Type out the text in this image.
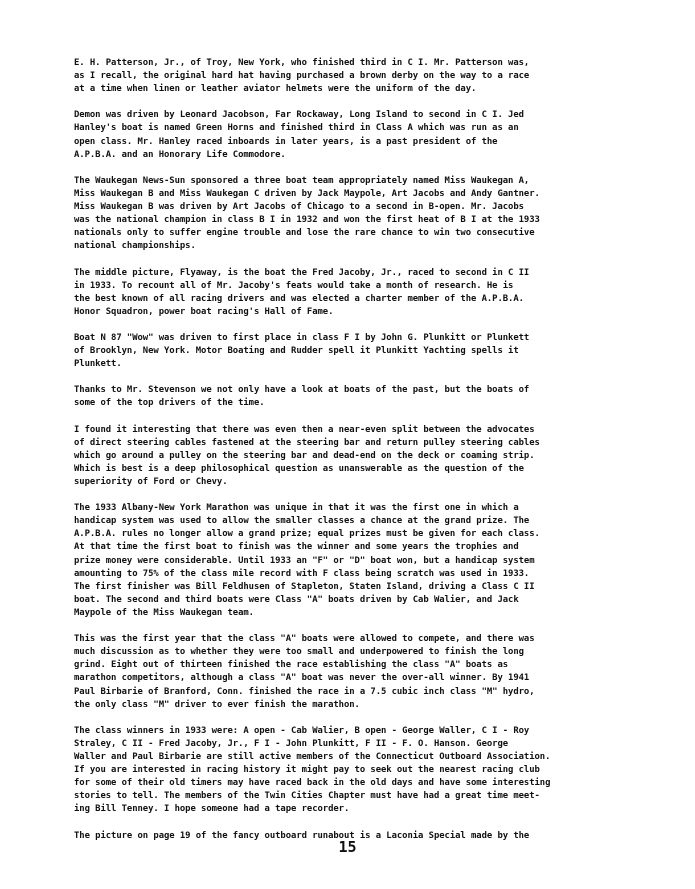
E. H. Patterson, Jr., of Troy, New York, who finished third in C I. Mr. Patterson was,
as I recall, the original hard hat having purchased a brown derby on the way to a race
at a time when linen or leather aviator helmets were the uniform of the day.
Demon was driven by Leonard Jacobson, Far Rockaway, Long Island to second in C I. Jed
Hanley's boat is named Green Horns and finished third in Class A which was run as an
open class. Mr. Hanley raced inboards in later years, is a past president of the
A.P.B.A. and an Honorary Life Commodore.
The Waukegan News-Sun sponsored a three boat team appropriately named Miss Waukegan A,
Miss Waukegan B and Miss Waukegan C driven by Jack Maypole, Art Jacobs and Andy Gantner.
Miss Waukegan B was driven by Art Jacobs of Chicago to a second in B-open. Mr. Jacobs
was the national champion in class B I in 1932 and won the first heat of B I at the 1933
nationals only to suffer engine trouble and lose the rare chance to win two consecutive
national championships.
The middle picture, Flyaway, is the boat the Fred Jacoby, Jr., raced to second in C II
in 1933. To recount all of Mr. Jacoby's feats would take a month of research. He is
the best known of all racing drivers and was elected a charter member of the A.P.B.A.
Honor Squadron, power boat racing's Hall of Fame.
Boat N 87 "Wow" was driven to first place in class F I by John G. Plunkitt or Plunkett
of Brooklyn, New York. Motor Boating and Rudder spell it Plunkitt Yachting spells it
Plunkett.
Thanks to Mr. Stevenson we not only have a look at boats of the past, but the boats of
some of the top drivers of the time.
I found it interesting that there was even then a near-even split between the advocates
of direct steering cables fastened at the steering bar and return pulley steering cables
which go around a pulley on the steering bar and dead-end on the deck or coaming strip.
Which is best is a deep philosophical question as unanswerable as the question of the
superiority of Ford or Chevy.
The 1933 Albany-New York Marathon was unique in that it was the first one in which a
handicap system was used to allow the smaller classes a chance at the grand prize. The
A.P.B.A. rules no longer allow a grand prize; equal prizes must be given for each class.
At that time the first boat to finish was the winner and some years the trophies and
prize money were considerable. Until 1933 an "F" or "D" boat won, but a handicap system
amounting to 75% of the class mile record with F class being scratch was used in 1933.
The first finisher was Bill Feldhusen of Stapleton, Staten Island, driving a Class C II
boat. The second and third boats were Class "A" boats driven by Cab Walier, and Jack
Maypole of the Miss Waukegan team.
This was the first year that the class "A" boats were allowed to compete, and there was
much discussion as to whether they were too small and underpowered to finish the long
grind. Eight out of thirteen finished the race establishing the class "A" boats as
marathon competitors, although a class "A" boat was never the over-all winner. By 1941
Paul Birbarie of Branford, Conn. finished the race in a 7.5 cubic inch class "M" hydro,
the only class "M" driver to ever finish the marathon.
The class winners in 1933 were: A open - Cab Walier, B open - George Waller, C I - Roy
Straley, C II - Fred Jacoby, Jr., F I - John Plunkitt, F II - F. O. Hanson. George
Waller and Paul Birbarie are still active members of the Connecticut Outboard Association.
If you are interested in racing history it might pay to seek out the nearest racing club
for some of their old timers may have raced back in the old days and have some interesting
stories to tell. The members of the Twin Cities Chapter must have had a great time meet-
ing Bill Tenney. I hope someone had a tape recorder.
The picture on page 19 of the fancy outboard runabout is a Laconia Special made by the
15
